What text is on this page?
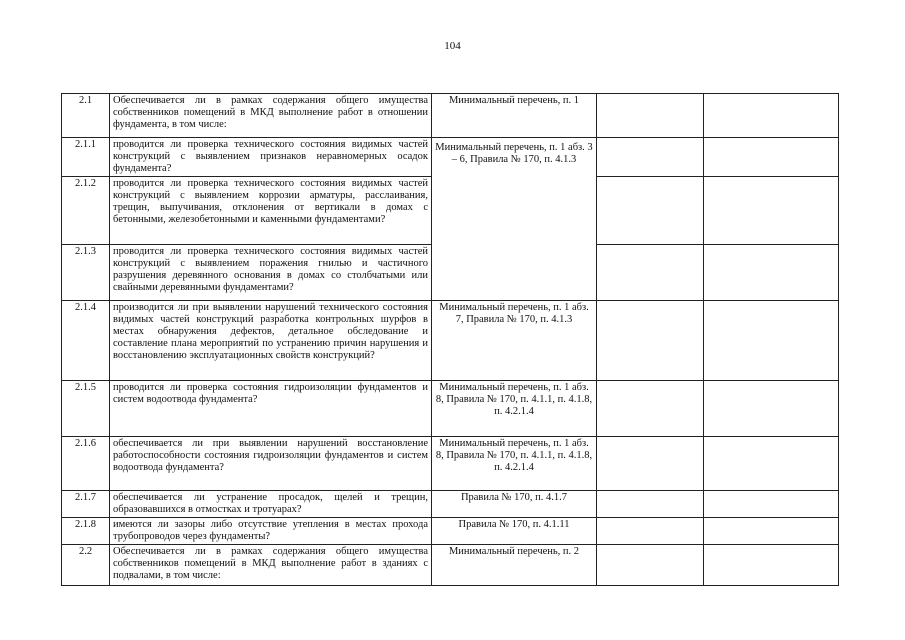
104
2.1	Обеспечивается ли в рамках содержания общего имущества собственников помещений в МКД выполнение работ в отношении фундамента, в том числе:	Минимальный перечень, п. 1		
2.1.1	проводится ли проверка технического состояния видимых частей конструкций с выявлением признаков неравномерных осадок фундамента?	Минимальный перечень, п. 1 абз. 3 – 6, Правила № 170, п. 4.1.3		
2.1.2	проводится ли проверка технического состояния видимых частей конструкций с выявлением коррозии арматуры, расслаивания, трещин, выпучивания, отклонения от вертикали в домах с бетонными, железобетонными и каменными фундаментами?			
2.1.3	проводится ли проверка технического состояния видимых частей конструкций с выявлением поражения гнилью и частичного разрушения деревянного основания в домах со столбчатыми или свайными деревянными фундаментами?			
2.1.4	производится ли при выявлении нарушений технического состояния видимых частей конструкций разработка контрольных шурфов в местах обнаружения дефектов, детальное обследование и составление плана мероприятий по устранению причин нарушения и восстановлению эксплуатационных свойств конструкций?	Минимальный перечень, п. 1 абз. 7, Правила № 170, п. 4.1.3		
2.1.5	проводится ли проверка состояния гидроизоляции фундаментов и систем водоотвода фундамента?	Минимальный перечень, п. 1 абз. 8, Правила № 170, п. 4.1.1, п. 4.1.8, п. 4.2.1.4		
2.1.6	обеспечивается ли при выявлении нарушений восстановление работоспособности состояния гидроизоляции фундаментов и систем водоотвода фундамента?	Минимальный перечень, п. 1 абз. 8, Правила № 170, п. 4.1.1, п. 4.1.8, п. 4.2.1.4		
2.1.7	обеспечивается ли устранение просадок, щелей и трещин, образовавшихся в отмостках и тротуарах?	Правила № 170, п. 4.1.7		
2.1.8	имеются ли зазоры либо отсутствие утепления в местах прохода трубопроводов через фундаменты?	Правила № 170, п. 4.1.11		
2.2	Обеспечивается ли в рамках содержания общего имущества собственников помещений в МКД выполнение работ в зданиях с подвалами, в том числе:	Минимальный перечень, п. 2		
